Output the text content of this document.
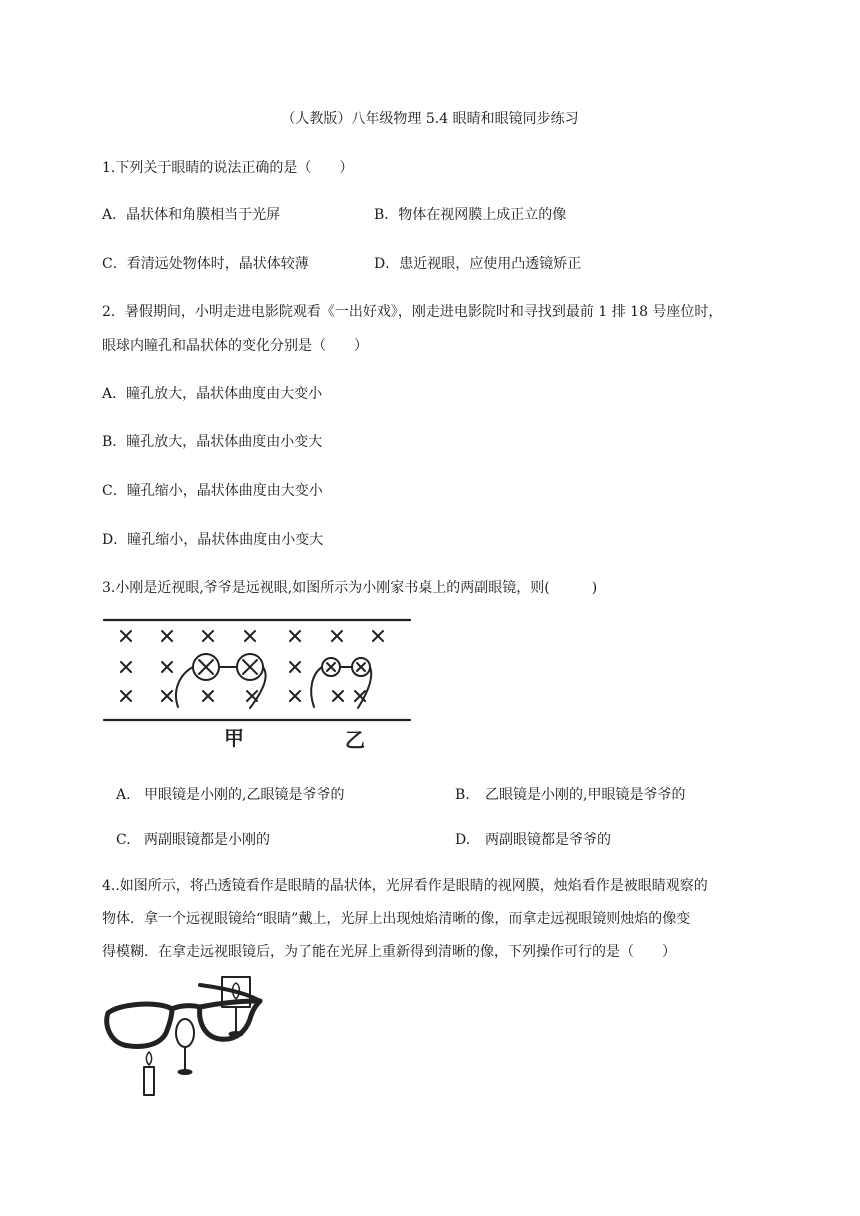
（人教版）八年级物理 5.4 眼睛和眼镜同步练习
1.下列关于眼睛的说法正确的是（　　）
A．晶状体和角膜相当于光屏	B．物体在视网膜上成正立的像
C．看清远处物体时，晶状体较薄	D．患近视眼，应使用凸透镜矫正
2．暑假期间，小明走进电影院观看《一出好戏》，刚走进电影院时和寻找到最前 1 排 18 号座位时，
眼球内瞳孔和晶状体的变化分别是（　　）
A．瞳孔放大，晶状体曲度由大变小
B．瞳孔放大，晶状体曲度由小变大
C．瞳孔缩小，晶状体曲度由大变小
D．瞳孔缩小，晶状体曲度由小变大
3.小刚是近视眼,爷爷是远视眼,如图所示为小刚家书桌上的两副眼镜，则(　　　)
甲	乙
A. 甲眼镜是小刚的,乙眼镜是爷爷的	B. 乙眼镜是小刚的,甲眼镜是爷爷的
C. 两副眼镜都是小刚的	D. 两副眼镜都是爷爷的
4..如图所示，将凸透镜看作是眼睛的晶状体，光屏看作是眼睛的视网膜，烛焰看作是被眼睛观察的
物体．拿一个远视眼镜给“眼睛”戴上，光屏上出现烛焰清晰的像，而拿走远视眼镜则烛焰的像变
得模糊．在拿走远视眼镜后，为了能在光屏上重新得到清晰的像，下列操作可行的是（　　）
